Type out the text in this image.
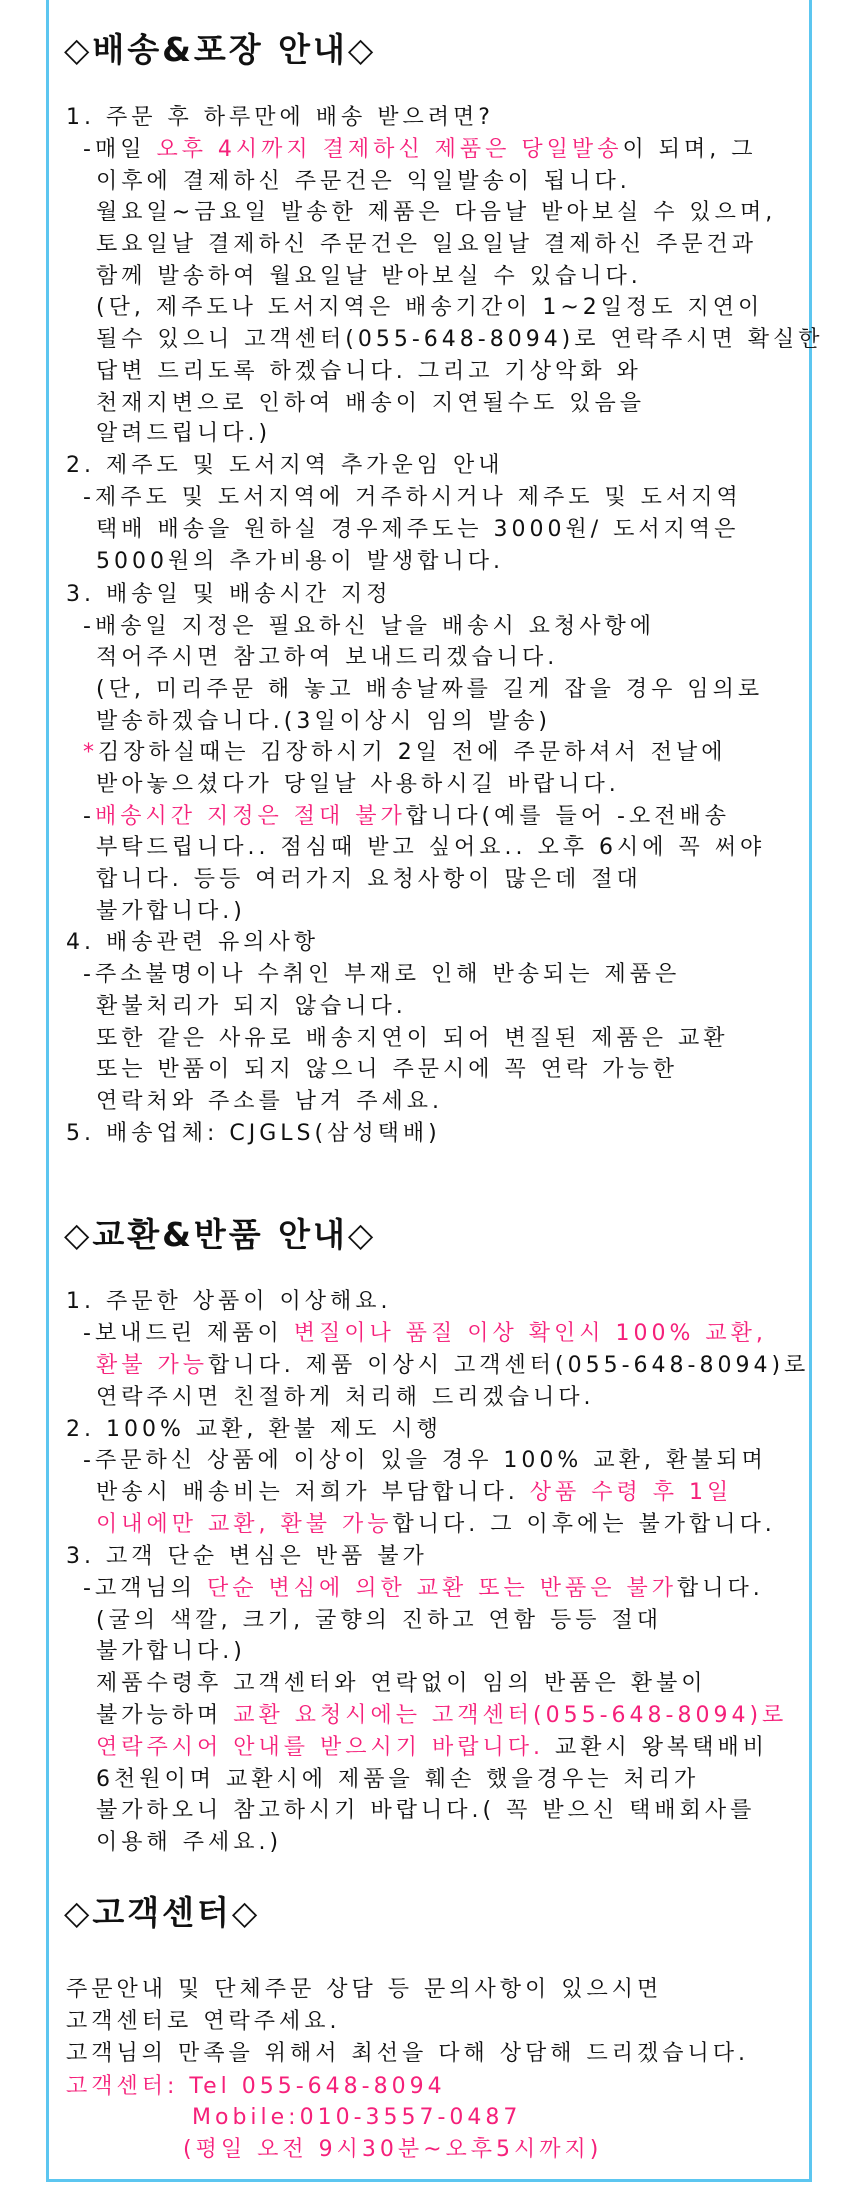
◇배송&포장 안내◇
1. 주문 후 하루만에 배송 받으려면?
-매일 오후 4시까지 결제하신 제품은 당일발송이 되며, 그
이후에 결제하신 주문건은 익일발송이 됩니다.
월요일~금요일 발송한 제품은 다음날 받아보실 수 있으며,
토요일날 결제하신 주문건은 일요일날 결제하신 주문건과
함께 발송하여 월요일날 받아보실 수 있습니다.
(단, 제주도나 도서지역은 배송기간이 1~2일정도 지연이
될수 있으니 고객센터(055-648-8094)로 연락주시면 확실한
답변 드리도록 하겠습니다. 그리고 기상악화 와
천재지변으로 인하여 배송이 지연될수도 있음을
알려드립니다.)
2. 제주도 및 도서지역 추가운임 안내
-제주도 및 도서지역에 거주하시거나 제주도 및 도서지역
택배 배송을 원하실 경우제주도는 3000원/ 도서지역은
5000원의 추가비용이 발생합니다.
3. 배송일 및 배송시간 지정
-배송일 지정은 필요하신 날을 배송시 요청사항에
적어주시면 참고하여 보내드리겠습니다.
(단, 미리주문 해 놓고 배송날짜를 길게 잡을 경우 임의로
발송하겠습니다.(3일이상시 임의 발송)
*김장하실때는 김장하시기 2일 전에 주문하셔서 전날에
받아놓으셨다가 당일날 사용하시길 바랍니다.
-배송시간 지정은 절대 불가합니다(예를 들어 -오전배송
부탁드립니다.. 점심때 받고 싶어요.. 오후 6시에 꼭 써야
합니다. 등등 여러가지 요청사항이 많은데 절대
불가합니다.)
4. 배송관련 유의사항
-주소불명이나 수취인 부재로 인해 반송되는 제품은
환불처리가 되지 않습니다.
또한 같은 사유로 배송지연이 되어 변질된 제품은 교환
또는 반품이 되지 않으니 주문시에 꼭 연락 가능한
연락처와 주소를 남겨 주세요.
5. 배송업체: CJGLS(삼성택배)
◇교환&반품 안내◇
1. 주문한 상품이 이상해요.
-보내드린 제품이 변질이나 품질 이상 확인시 100% 교환,
환불 가능합니다. 제품 이상시 고객센터(055-648-8094)로
연락주시면 친절하게 처리해 드리겠습니다.
2. 100% 교환, 환불 제도 시행
-주문하신 상품에 이상이 있을 경우 100% 교환, 환불되며
반송시 배송비는 저희가 부담합니다. 상품 수령 후 1일
이내에만 교환, 환불 가능합니다. 그 이후에는 불가합니다.
3. 고객 단순 변심은 반품 불가
-고객님의 단순 변심에 의한 교환 또는 반품은 불가합니다.
(굴의 색깔, 크기, 굴향의 진하고 연함 등등 절대
불가합니다.)
제품수령후 고객센터와 연락없이 임의 반품은 환불이
불가능하며 교환 요청시에는 고객센터(055-648-8094)로
연락주시어 안내를 받으시기 바랍니다. 교환시 왕복택배비
6천원이며 교환시에 제품을 훼손 했을경우는 처리가
불가하오니 참고하시기 바랍니다.( 꼭 받으신 택배회사를
이용해 주세요.)
◇고객센터◇
주문안내 및 단체주문 상담 등 문의사항이 있으시면
고객센터로 연락주세요.
고객님의 만족을 위해서 최선을 다해 상담해 드리겠습니다.
고객센터: Tel 055-648-8094
Mobile:010-3557-0487
(평일 오전 9시30분~오후5시까지)
